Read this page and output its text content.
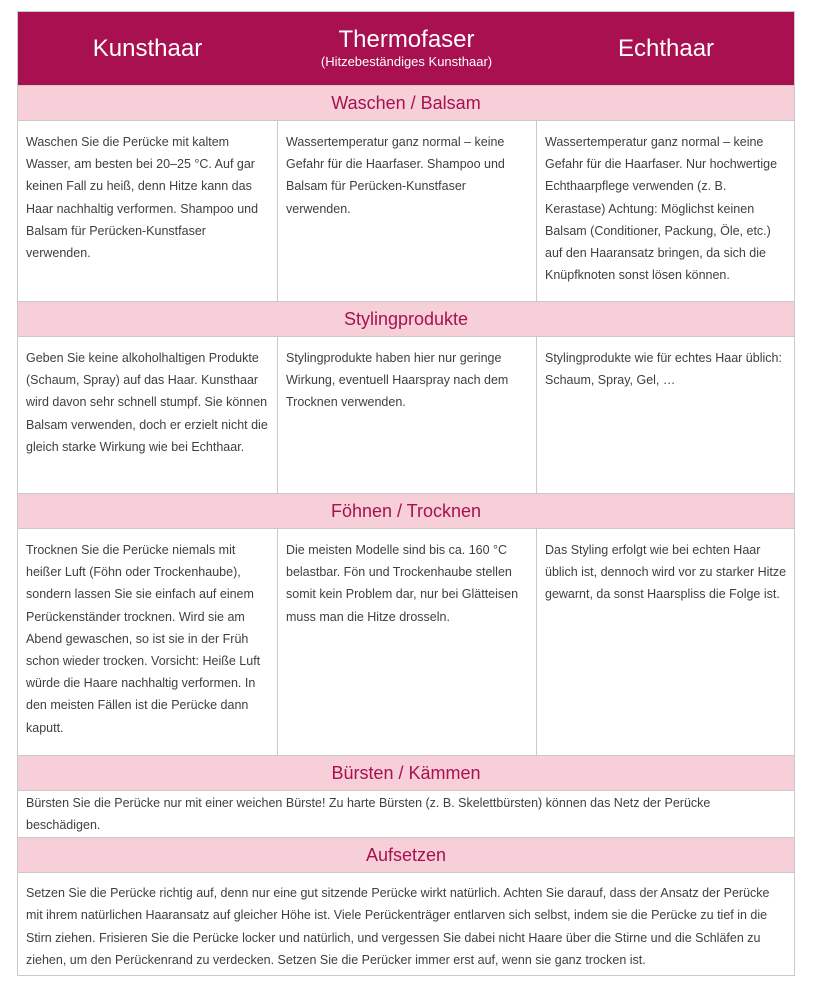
Kunsthaar	Thermofaser
(Hitzebeständiges Kunsthaar)	Echthaar
Waschen / Balsam
Waschen Sie die Perücke mit kaltem Wasser, am besten bei 20–25 °C. Auf gar keinen Fall zu heiß, denn Hitze kann das Haar nachhaltig verformen. Shampoo und Balsam für Perücken-Kunstfaser verwenden.
Wassertemperatur ganz normal – keine Gefahr für die Haarfaser. Shampoo und Balsam für Perücken-Kunstfaser verwenden.
Wassertemperatur ganz normal – keine Gefahr für die Haarfaser. Nur hochwertige Echthaarpflege verwenden (z. B. Kerastase) Achtung: Möglichst keinen Balsam (Conditioner, Packung, Öle, etc.) auf den Haaransatz bringen, da sich die Knüpfknoten sonst lösen können.
Stylingprodukte
Geben Sie keine alkoholhaltigen Produkte (Schaum, Spray) auf das Haar. Kunsthaar wird davon sehr schnell stumpf. Sie können Balsam verwenden, doch er erzielt nicht die gleich starke Wirkung wie bei Echthaar.
Stylingprodukte haben hier nur geringe Wirkung, eventuell Haarspray nach dem Trocknen verwenden.
Stylingprodukte wie für echtes Haar üblich: Schaum, Spray, Gel, …
Föhnen / Trocknen
Trocknen Sie die Perücke niemals mit heißer Luft (Föhn oder Trockenhaube), sondern lassen Sie sie einfach auf einem Perückenständer trocknen. Wird sie am Abend gewaschen, so ist sie in der Früh schon wieder trocken. Vorsicht: Heiße Luft würde die Haare nachhaltig verformen. In den meisten Fällen ist die Perücke dann kaputt.
Die meisten Modelle sind bis ca. 160 °C belastbar. Fön und Trockenhaube stellen somit kein Problem dar, nur bei Glätteisen muss man die Hitze drosseln.
Das Styling erfolgt wie bei echten Haar üblich ist, dennoch wird vor zu starker Hitze gewarnt, da sonst Haarspliss die Folge ist.
Bürsten / Kämmen
Bürsten Sie die Perücke nur mit einer weichen Bürste! Zu harte Bürsten (z. B. Skelettbürsten) können das Netz der Perücke beschädigen.
Aufsetzen
Setzen Sie die Perücke richtig auf, denn nur eine gut sitzende Perücke wirkt natürlich. Achten Sie darauf, dass der Ansatz der Perücke mit ihrem natürlichen Haaransatz auf gleicher Höhe ist. Viele Perückenträger entlarven sich selbst, indem sie die Perücke zu tief in die Stirn ziehen. Frisieren Sie die Perücke locker und natürlich, und vergessen Sie dabei nicht Haare über die Stirne und die Schläfen zu ziehen, um den Perückenrand zu verdecken. Setzen Sie die Perücker immer erst auf, wenn sie ganz trocken ist.
